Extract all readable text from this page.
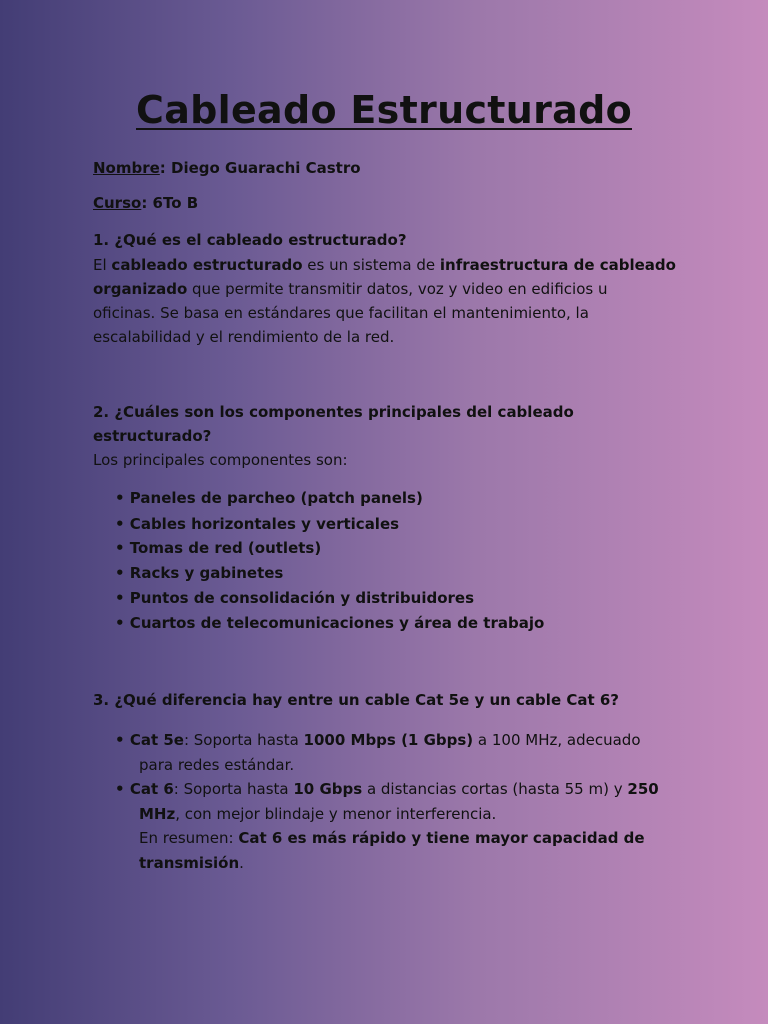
Cableado Estructurado
Nombre: Diego Guarachi Castro
Curso: 6To B
1. ¿Qué es el cableado estructurado?
El cableado estructurado es un sistema de infraestructura de cableado
organizado que permite transmitir datos, voz y video en edificios u
oficinas. Se basa en estándares que facilitan el mantenimiento, la
escalabilidad y el rendimiento de la red.
2. ¿Cuáles son los componentes principales del cableado
estructurado?
Los principales componentes son:
• Paneles de parcheo (patch panels)
• Cables horizontales y verticales
• Tomas de red (outlets)
• Racks y gabinetes
• Puntos de consolidación y distribuidores
• Cuartos de telecomunicaciones y área de trabajo
3. ¿Qué diferencia hay entre un cable Cat 5e y un cable Cat 6?
• Cat 5e: Soporta hasta 1000 Mbps (1 Gbps) a 100 MHz, adecuado
para redes estándar.
• Cat 6: Soporta hasta 10 Gbps a distancias cortas (hasta 55 m) y 250
MHz, con mejor blindaje y menor interferencia.
En resumen: Cat 6 es más rápido y tiene mayor capacidad de
transmisión.
